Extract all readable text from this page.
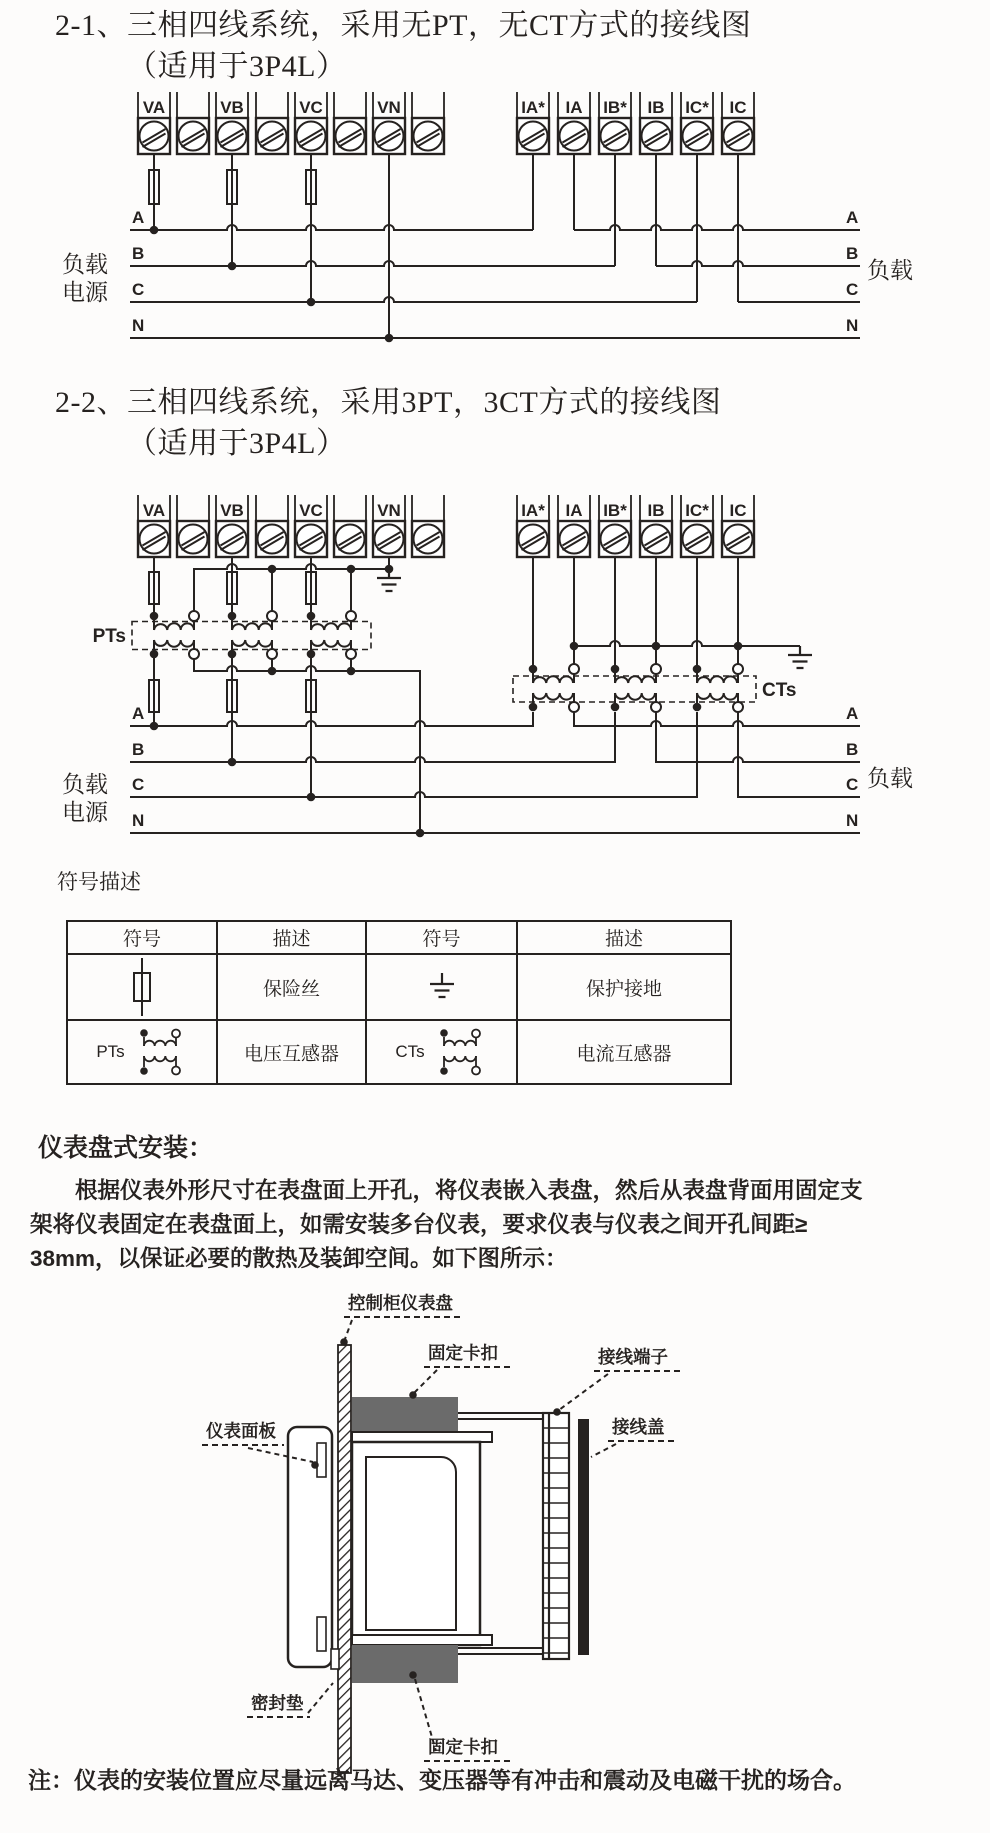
2-1、三相四线系统，采用无PT，无CT方式的接线图
（适用于3P4L）
VA	VB	VC	VN	IA* IA IB* IB IC* IC
A
B
C
N
A
B
C
N
负载
电源
负载
2-2、三相四线系统，采用3PT，3CT方式的接线图
（适用于3P4L）
VA	VB	VC	VN	IA* IA IB* IB IC* IC
PTs
CTs
A
B
C
N
A
B
C
N
负载
电源
负载
符号描述
符号	描述	符号	描述

	保险丝		保护接地

PTs	电压互感器	CTs	电流互感器
仪表盘式安装：
根据仪表外形尺寸在表盘面上开孔，将仪表嵌入表盘，然后从表盘背面用固定支
架将仪表固定在表盘面上，如需安装多台仪表，要求仪表与仪表之间开孔间距≥
38mm，以保证必要的散热及装卸空间。如下图所示：
控制柜仪表盘
固定卡扣	接线端子
接线盖
仪表面板
密封垫
固定卡扣
注：仪表的安装位置应尽量远离马达、变压器等有冲击和震动及电磁干扰的场合。
